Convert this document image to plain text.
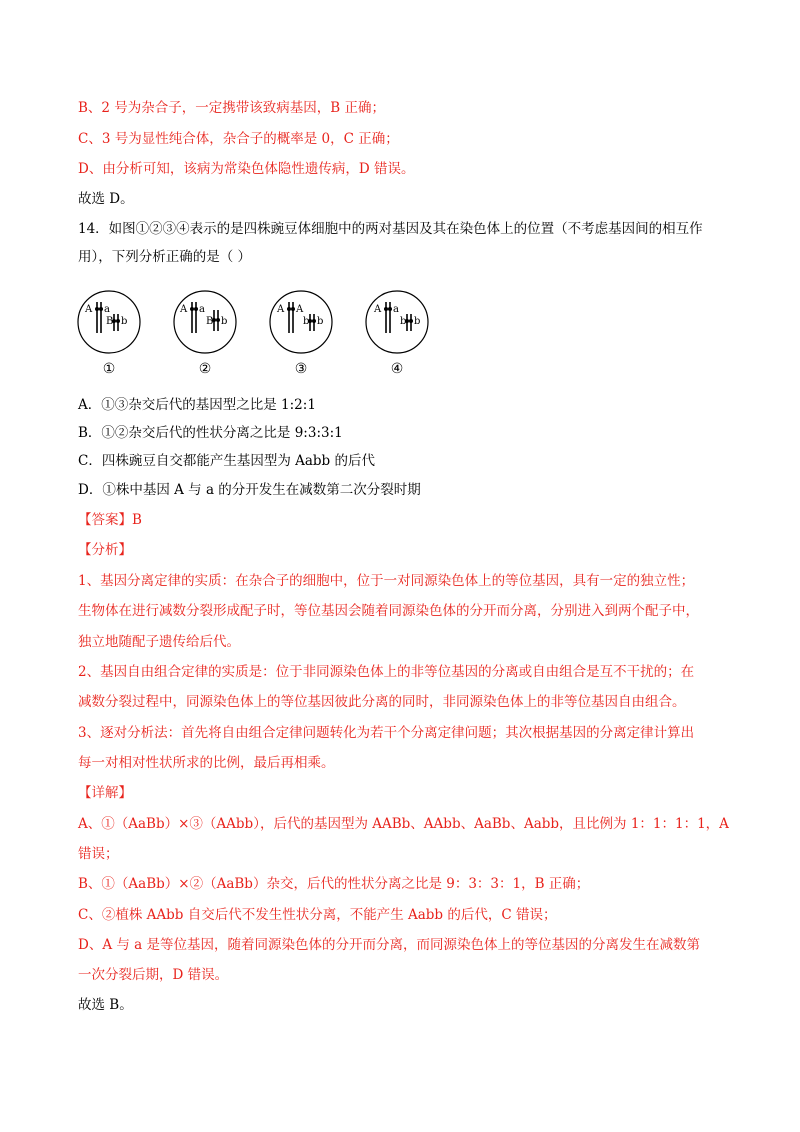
B、2 号为杂合子，一定携带该致病基因，B 正确；
C、3 号为显性纯合体，杂合子的概率是 0，C 正确；
D、由分析可知，该病为常染色体隐性遗传病，D 错误。
故选 D。
14．如图①②③④表示的是四株豌豆体细胞中的两对基因及其在染色体上的位置（不考虑基因间的相互作
用），下列分析正确的是（ ）
A a
B b
A a
B b
A A
b b
A a
b b
①	②	③	④
A．①③杂交后代的基因型之比是 1:2:1
B．①②杂交后代的性状分离之比是 9:3:3:1
C．四株豌豆自交都能产生基因型为 Aabb 的后代
D．①株中基因 A 与 a 的分开发生在减数第二次分裂时期
【答案】B
【分析】
1、基因分离定律的实质：在杂合子的细胞中，位于一对同源染色体上的等位基因，具有一定的独立性；
生物体在进行减数分裂形成配子时，等位基因会随着同源染色体的分开而分离，分别进入到两个配子中，
独立地随配子遗传给后代。
2、基因自由组合定律的实质是：位于非同源染色体上的非等位基因的分离或自由组合是互不干扰的；在
减数分裂过程中，同源染色体上的等位基因彼此分离的同时，非同源染色体上的非等位基因自由组合。
3、逐对分析法：首先将自由组合定律问题转化为若干个分离定律问题；其次根据基因的分离定律计算出
每一对相对性状所求的比例，最后再相乘。
【详解】
A、①（AaBb）×③（AAbb），后代的基因型为 AABb、AAbb、AaBb、Aabb，且比例为 1：1：1：1，A
错误；
B、①（AaBb）×②（AaBb）杂交，后代的性状分离之比是 9：3：3：1，B 正确；
C、②植株 AAbb 自交后代不发生性状分离，不能产生 Aabb 的后代，C 错误；
D、A 与 a 是等位基因，随着同源染色体的分开而分离，而同源染色体上的等位基因的分离发生在减数第
一次分裂后期，D 错误。
故选 B。
